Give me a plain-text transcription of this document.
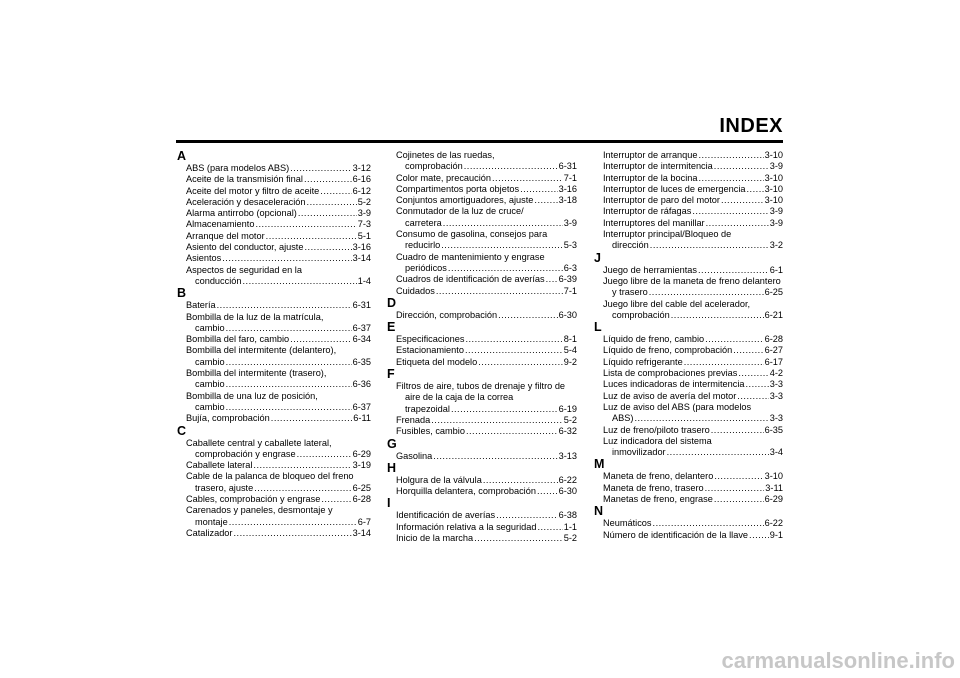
INDEX
A
ABS (para modelos ABS) .....	3-12
Aceite de la transmisión final .....	6-16
Aceite del motor y filtro de aceite .....	6-12
Aceleración y desaceleración .....	5-2
Alarma antirrobo (opcional) .....	3-9
Almacenamiento .....	7-3
Arranque del motor .....	5-1
Asiento del conductor, ajuste .....	3-16
Asientos .....	3-14
Aspectos de seguridad en la
conducción .....	1-4
B
Batería .....	6-31
Bombilla de la luz de la matrícula,
cambio .....	6-37
Bombilla del faro, cambio .....	6-34
Bombilla del intermitente (delantero),
cambio .....	6-35
Bombilla del intermitente (trasero),
cambio .....	6-36
Bombilla de una luz de posición,
cambio .....	6-37
Bujía, comprobación .....	6-11
C
Caballete central y caballete lateral,
comprobación y engrase .....	6-29
Caballete lateral .....	3-19
Cable de la palanca de bloqueo del freno
trasero, ajuste .....	6-25
Cables, comprobación y engrase .....	6-28
Carenados y paneles, desmontaje y
montaje .....	6-7
Catalizador .....	3-14
Cojinetes de las ruedas,
comprobación .....	6-31
Color mate, precaución .....	7-1
Compartimentos porta objetos .....	3-16
Conjuntos amortiguadores, ajuste .....	3-18
Conmutador de la luz de cruce/
carretera .....	3-9
Consumo de gasolina, consejos para
reducirlo .....	5-3
Cuadro de mantenimiento y engrase
periódicos .....	6-3
Cuadros de identificación de averías ..... 6-39
Cuidados .....	7-1
D
Dirección, comprobación .....	6-30
E
Especificaciones .....	8-1
Estacionamiento .....	5-4
Etiqueta del modelo .....	9-2
F
Filtros de aire, tubos de drenaje y filtro de
aire de la caja de la correa
trapezoidal .....	6-19
Frenada .....	5-2
Fusibles, cambio .....	6-32
G
Gasolina .....	3-13
H
Holgura de la válvula .....	6-22
Horquilla delantera, comprobación ..... 6-30
I
Identificación de averías .....	6-38
Información relativa a la seguridad .....	1-1
Inicio de la marcha .....	5-2
Interruptor de arranque .....	3-10
Interruptor de intermitencia .....	3-9
Interruptor de la bocina .....	3-10
Interruptor de luces de emergencia ..... 3-10
Interruptor de paro del motor .....	3-10
Interruptor de ráfagas .....	3-9
Interruptores del manillar .....	3-9
Interruptor principal/Bloqueo de
dirección .....	3-2
J
Juego de herramientas .....	6-1
Juego libre de la maneta de freno delantero
y trasero .....	6-25
Juego libre del cable del acelerador,
comprobación .....	6-21
L
Líquido de freno, cambio .....	6-28
Líquido de freno, comprobación .....	6-27
Líquido refrigerante .....	6-17
Lista de comprobaciones previas .....	4-2
Luces indicadoras de intermitencia .....	3-3
Luz de aviso de avería del motor .....	3-3
Luz de aviso del ABS (para modelos
ABS) .....	3-3
Luz de freno/piloto trasero .....	6-35
Luz indicadora del sistema
inmovilizador .....	3-4
M
Maneta de freno, delantero .....	3-10
Maneta de freno, trasero .....	3-11
Manetas de freno, engrase .....	6-29
N
Neumáticos .....	6-22
Número de identificación de la llave ..... 9-1
carmanualsonline.info
